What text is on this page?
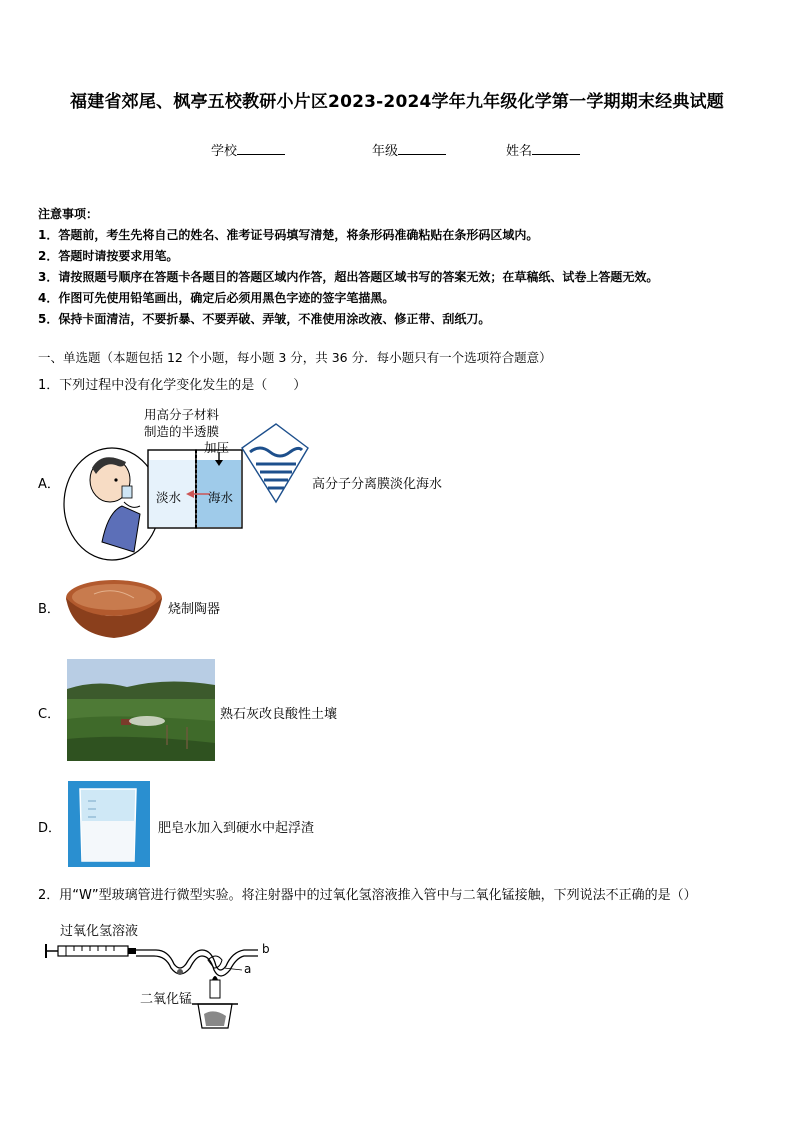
福建省郊尾、枫亭五校教研小片区2023-2024学年九年级化学第一学期期末经典试题
学校	年级	姓名
注意事项：
1．答题前，考生先将自己的姓名、准考证号码填写清楚，将条形码准确粘贴在条形码区域内。
2．答题时请按要求用笔。
3．请按照题号顺序在答题卡各题目的答题区域内作答，超出答题区域书写的答案无效；在草稿纸、试卷上答题无效。
4．作图可先使用铅笔画出，确定后必须用黑色字迹的签字笔描黑。
5．保持卡面清洁，不要折暴、不要弄破、弄皱，不准使用涂改液、修正带、刮纸刀。
一、单选题（本题包括 12 个小题，每小题 3 分，共 36 分．每小题只有一个选项符合题意）
1．下列过程中没有化学变化发生的是（　　）
A．
用高分子材料
制造的半透膜
加压
淡水 海水
高分子分离膜淡化海水
B．	烧制陶器
C．	熟石灰改良酸性土壤
D．	肥皂水加入到硬水中起浮渣
2．用“W”型玻璃管进行微型实验。将注射器中的过氧化氢溶液推入管中与二氧化锰接触，下列说法不正确的是（）
过氧化氢溶液
二氧化锰
a
b
